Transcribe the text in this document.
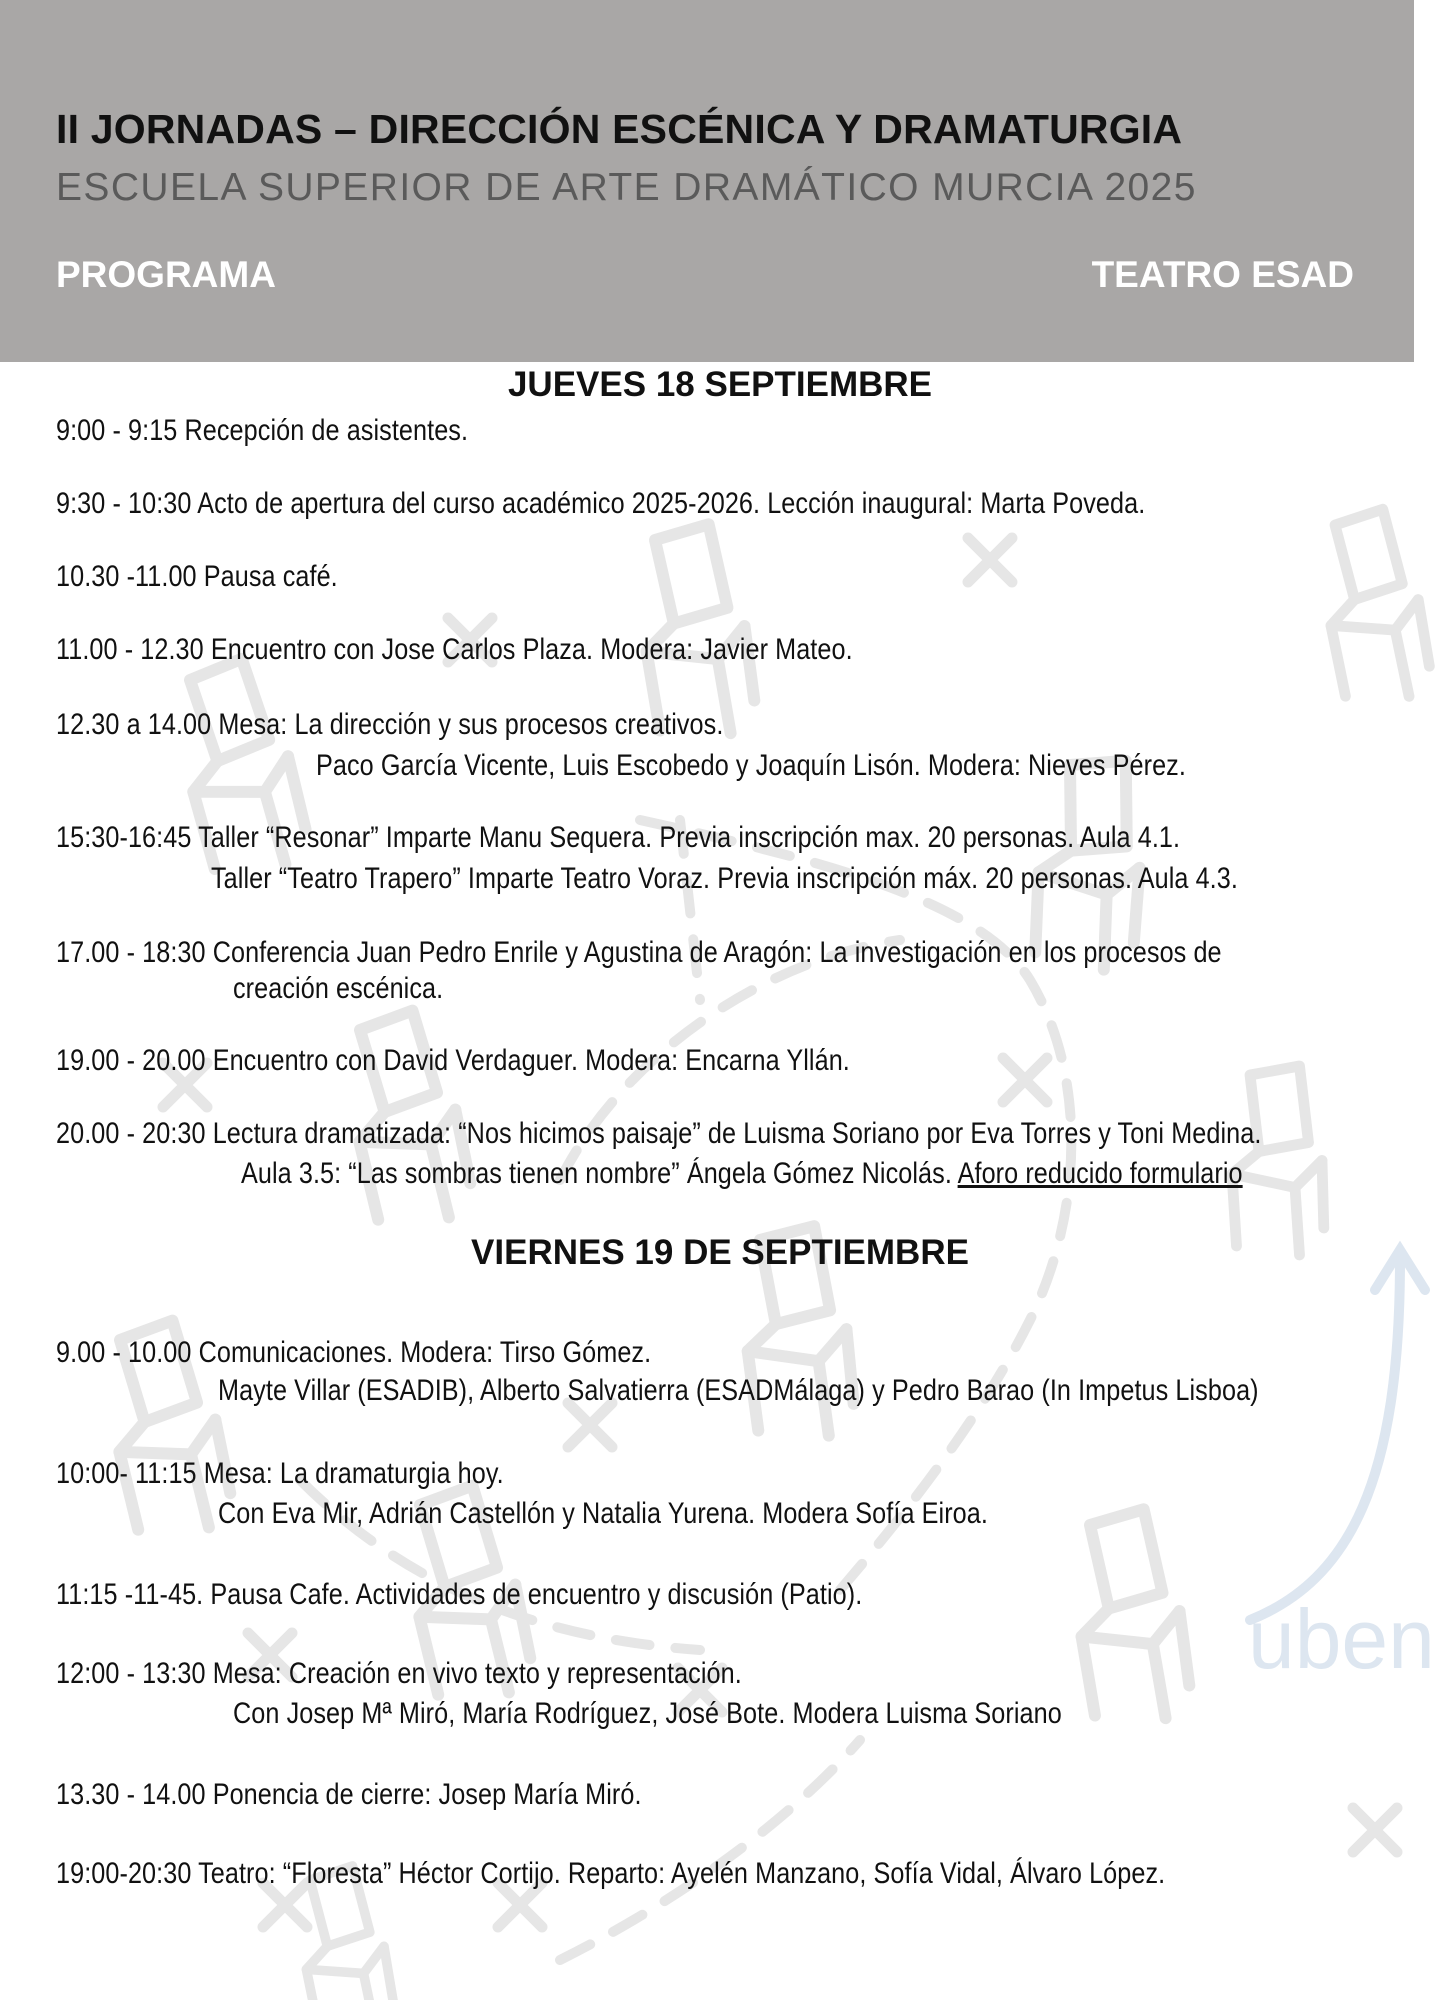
uben
II JORNADAS – DIRECCIÓN ESCÉNICA Y DRAMATURGIA
ESCUELA SUPERIOR DE ARTE DRAMÁTICO MURCIA 2025
PROGRAMA	TEATRO ESAD
JUEVES 18 SEPTIEMBRE
9:00 - 9:15 Recepción de asistentes.
9:30 - 10:30 Acto de apertura del curso académico 2025-2026. Lección inaugural: Marta Poveda.
10.30 -11.00 Pausa café.
11.00 - 12.30 Encuentro con Jose Carlos Plaza. Modera: Javier Mateo.
12.30 a 14.00 Mesa: La dirección y sus procesos creativos.
Paco García Vicente, Luis Escobedo y Joaquín Lisón. Modera: Nieves Pérez.
15:30-16:45 Taller “Resonar” Imparte Manu Sequera. Previa inscripción max. 20 personas. Aula 4.1.
Taller “Teatro Trapero” Imparte Teatro Voraz. Previa inscripción máx. 20 personas. Aula 4.3.
17.00 - 18:30 Conferencia Juan Pedro Enrile y Agustina de Aragón: La investigación en los procesos de
creación escénica.
19.00 - 20.00 Encuentro con David Verdaguer. Modera: Encarna Yllán.
20.00 - 20:30 Lectura dramatizada: “Nos hicimos paisaje” de Luisma Soriano por Eva Torres y Toni Medina.
Aula 3.5: “Las sombras tienen nombre” Ángela Gómez Nicolás. Aforo reducido formulario
VIERNES 19 DE SEPTIEMBRE
9.00 - 10.00 Comunicaciones. Modera: Tirso Gómez.
Mayte Villar (ESADIB), Alberto Salvatierra (ESADMálaga) y Pedro Barao (In Impetus Lisboa)
10:00- 11:15 Mesa: La dramaturgia hoy.
Con Eva Mir, Adrián Castellón y Natalia Yurena. Modera Sofía Eiroa.
11:15 -11-45. Pausa Cafe. Actividades de encuentro y discusión (Patio).
12:00 - 13:30 Mesa: Creación en vivo texto y representación.
Con Josep Mª Miró, María Rodríguez, José Bote. Modera Luisma Soriano
13.30 - 14.00 Ponencia de cierre: Josep María Miró.
19:00-20:30 Teatro: “Floresta” Héctor Cortijo. Reparto: Ayelén Manzano, Sofía Vidal, Álvaro López.
